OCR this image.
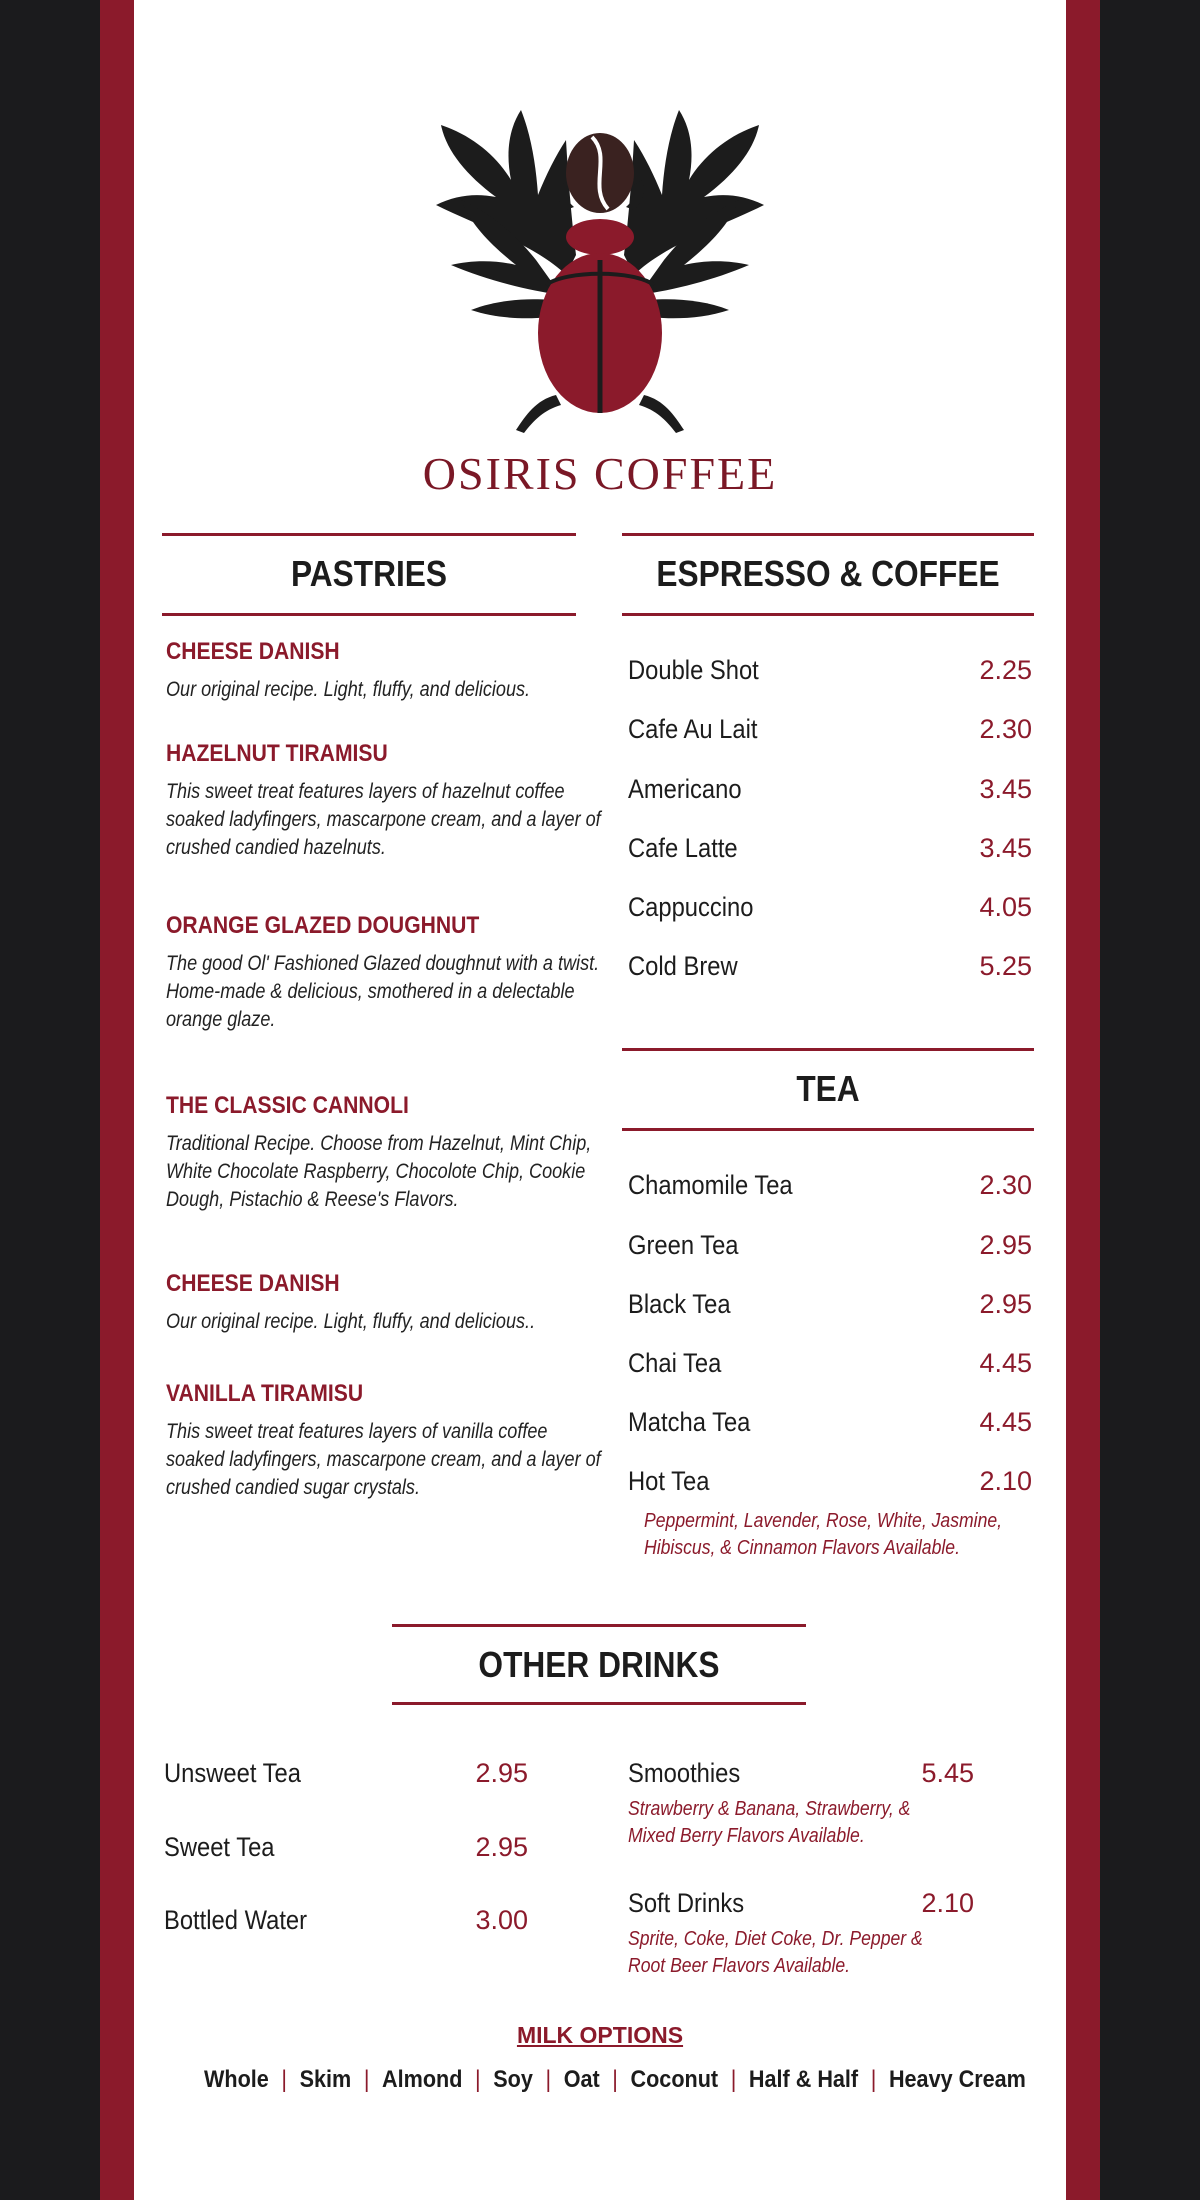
OSIRIS COFFEE
PASTRIES	ESPRESSO & COFFEE
CHEESE DANISH
Our original recipe. Light, fluffy, and delicious.
HAZELNUT TIRAMISU
This sweet treat features layers of hazelnut coffee soaked ladyfingers, mascarpone cream, and a layer of crushed candied hazelnuts.
ORANGE GLAZED DOUGHNUT
The good Ol' Fashioned Glazed doughnut with a twist. Home-made & delicious, smothered in a delectable orange glaze.
THE CLASSIC CANNOLI
Traditional Recipe. Choose from Hazelnut, Mint Chip, White Chocolate Raspberry, Chocolote Chip, Cookie Dough, Pistachio & Reese's Flavors.
CHEESE DANISH
Our original recipe. Light, fluffy, and delicious..
VANILLA TIRAMISU
This sweet treat features layers of vanilla coffee soaked ladyfingers, mascarpone cream, and a layer of crushed candied sugar crystals.
Double Shot	2.25
Cafe Au Lait	2.30
Americano	3.45
Cafe Latte	3.45
Cappuccino	4.05
Cold Brew	5.25
TEA
Chamomile Tea	2.30
Green Tea	2.95
Black Tea	2.95
Chai Tea	4.45
Matcha Tea	4.45
Hot Tea	2.10
Peppermint, Lavender, Rose, White, Jasmine,
Hibiscus, & Cinnamon Flavors Available.
OTHER DRINKS
Unsweet Tea	2.95
Sweet Tea	2.95
Bottled Water	3.00
Smoothies	5.45
Strawberry & Banana, Strawberry, &
Mixed Berry Flavors Available.
Soft Drinks	2.10
Sprite, Coke, Diet Coke, Dr. Pepper &
Root Beer Flavors Available.
MILK OPTIONS
Whole | Skim | Almond | Soy | Oat | Coconut | Half & Half | Heavy Cream
